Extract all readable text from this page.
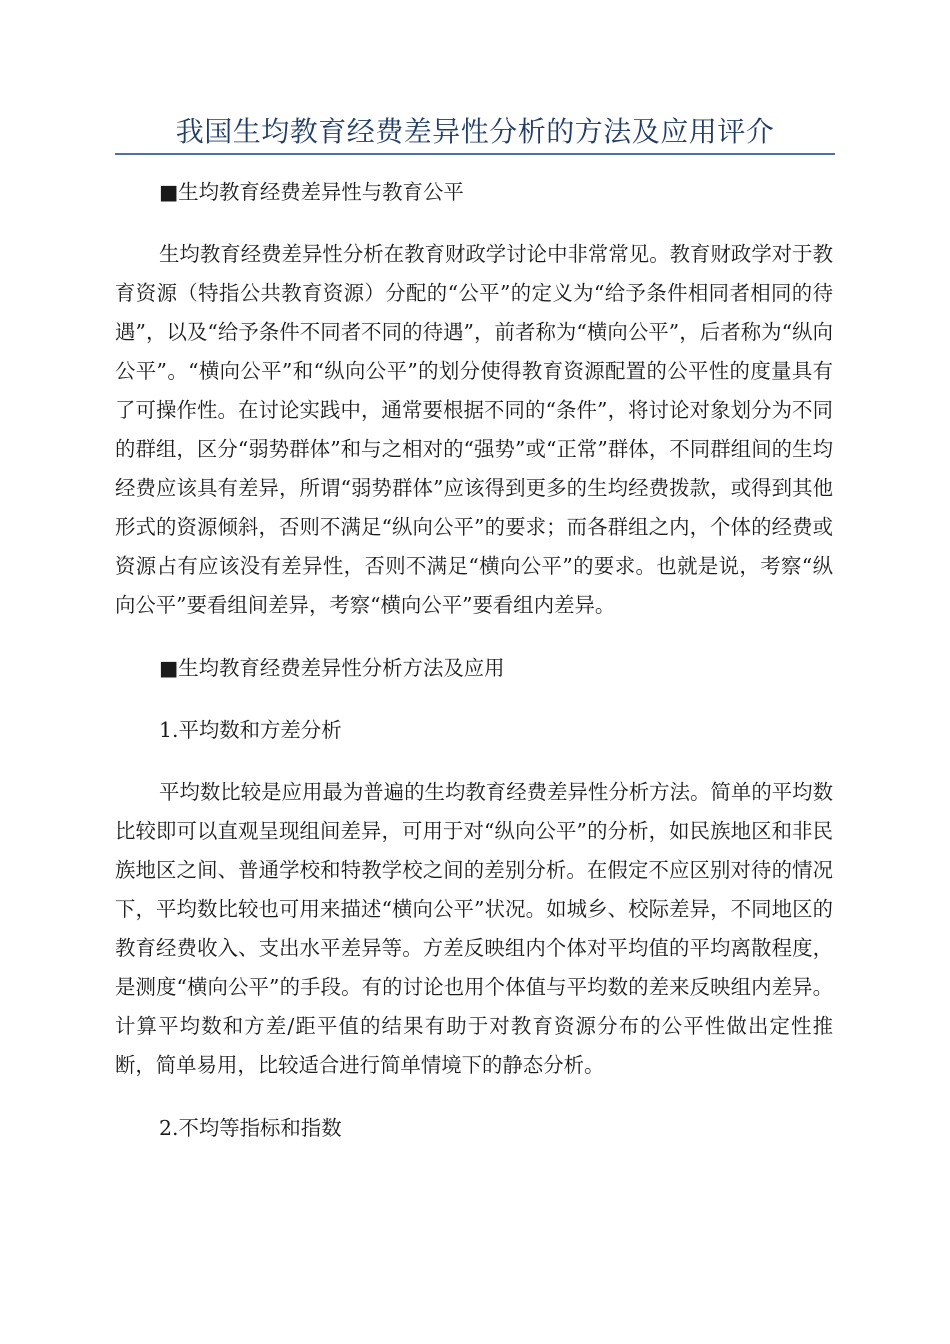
我国生均教育经费差异性分析的方法及应用评介
■生均教育经费差异性与教育公平

生均教育经费差异性分析在教育财政学讨论中非常常见。教育财政学对于教育资源（特指公共教育资源）分配的“公平”的定义为“给予条件相同者相同的待遇”，以及“给予条件不同者不同的待遇”，前者称为“横向公平”，后者称为“纵向公平”。“横向公平”和“纵向公平”的划分使得教育资源配置的公平性的度量具有了可操作性。在讨论实践中，通常要根据不同的“条件”，将讨论对象划分为不同的群组，区分“弱势群体”和与之相对的“强势”或“正常”群体，不同群组间的生均经费应该具有差异，所谓“弱势群体”应该得到更多的生均经费拨款，或得到其他形式的资源倾斜，否则不满足“纵向公平”的要求；而各群组之内，个体的经费或资源占有应该没有差异性，否则不满足“横向公平”的要求。也就是说，考察“纵向公平”要看组间差异，考察“横向公平”要看组内差异。

■生均教育经费差异性分析方法及应用
1.平均数和方差分析

平均数比较是应用最为普遍的生均教育经费差异性分析方法。简单的平均数比较即可以直观呈现组间差异，可用于对“纵向公平”的分析，如民族地区和非民族地区之间、普通学校和特教学校之间的差别分析。在假定不应区别对待的情况下，平均数比较也可用来描述“横向公平”状况。如城乡、校际差异，不同地区的教育经费收入、支出水平差异等。方差反映组内个体对平均值的平均离散程度，是测度“横向公平”的手段。有的讨论也用个体值与平均数的差来反映组内差异。计算平均数和方差/距平值的结果有助于对教育资源分布的公平性做出定性推断，简单易用，比较适合进行简单情境下的静态分析。

2.不均等指标和指数
